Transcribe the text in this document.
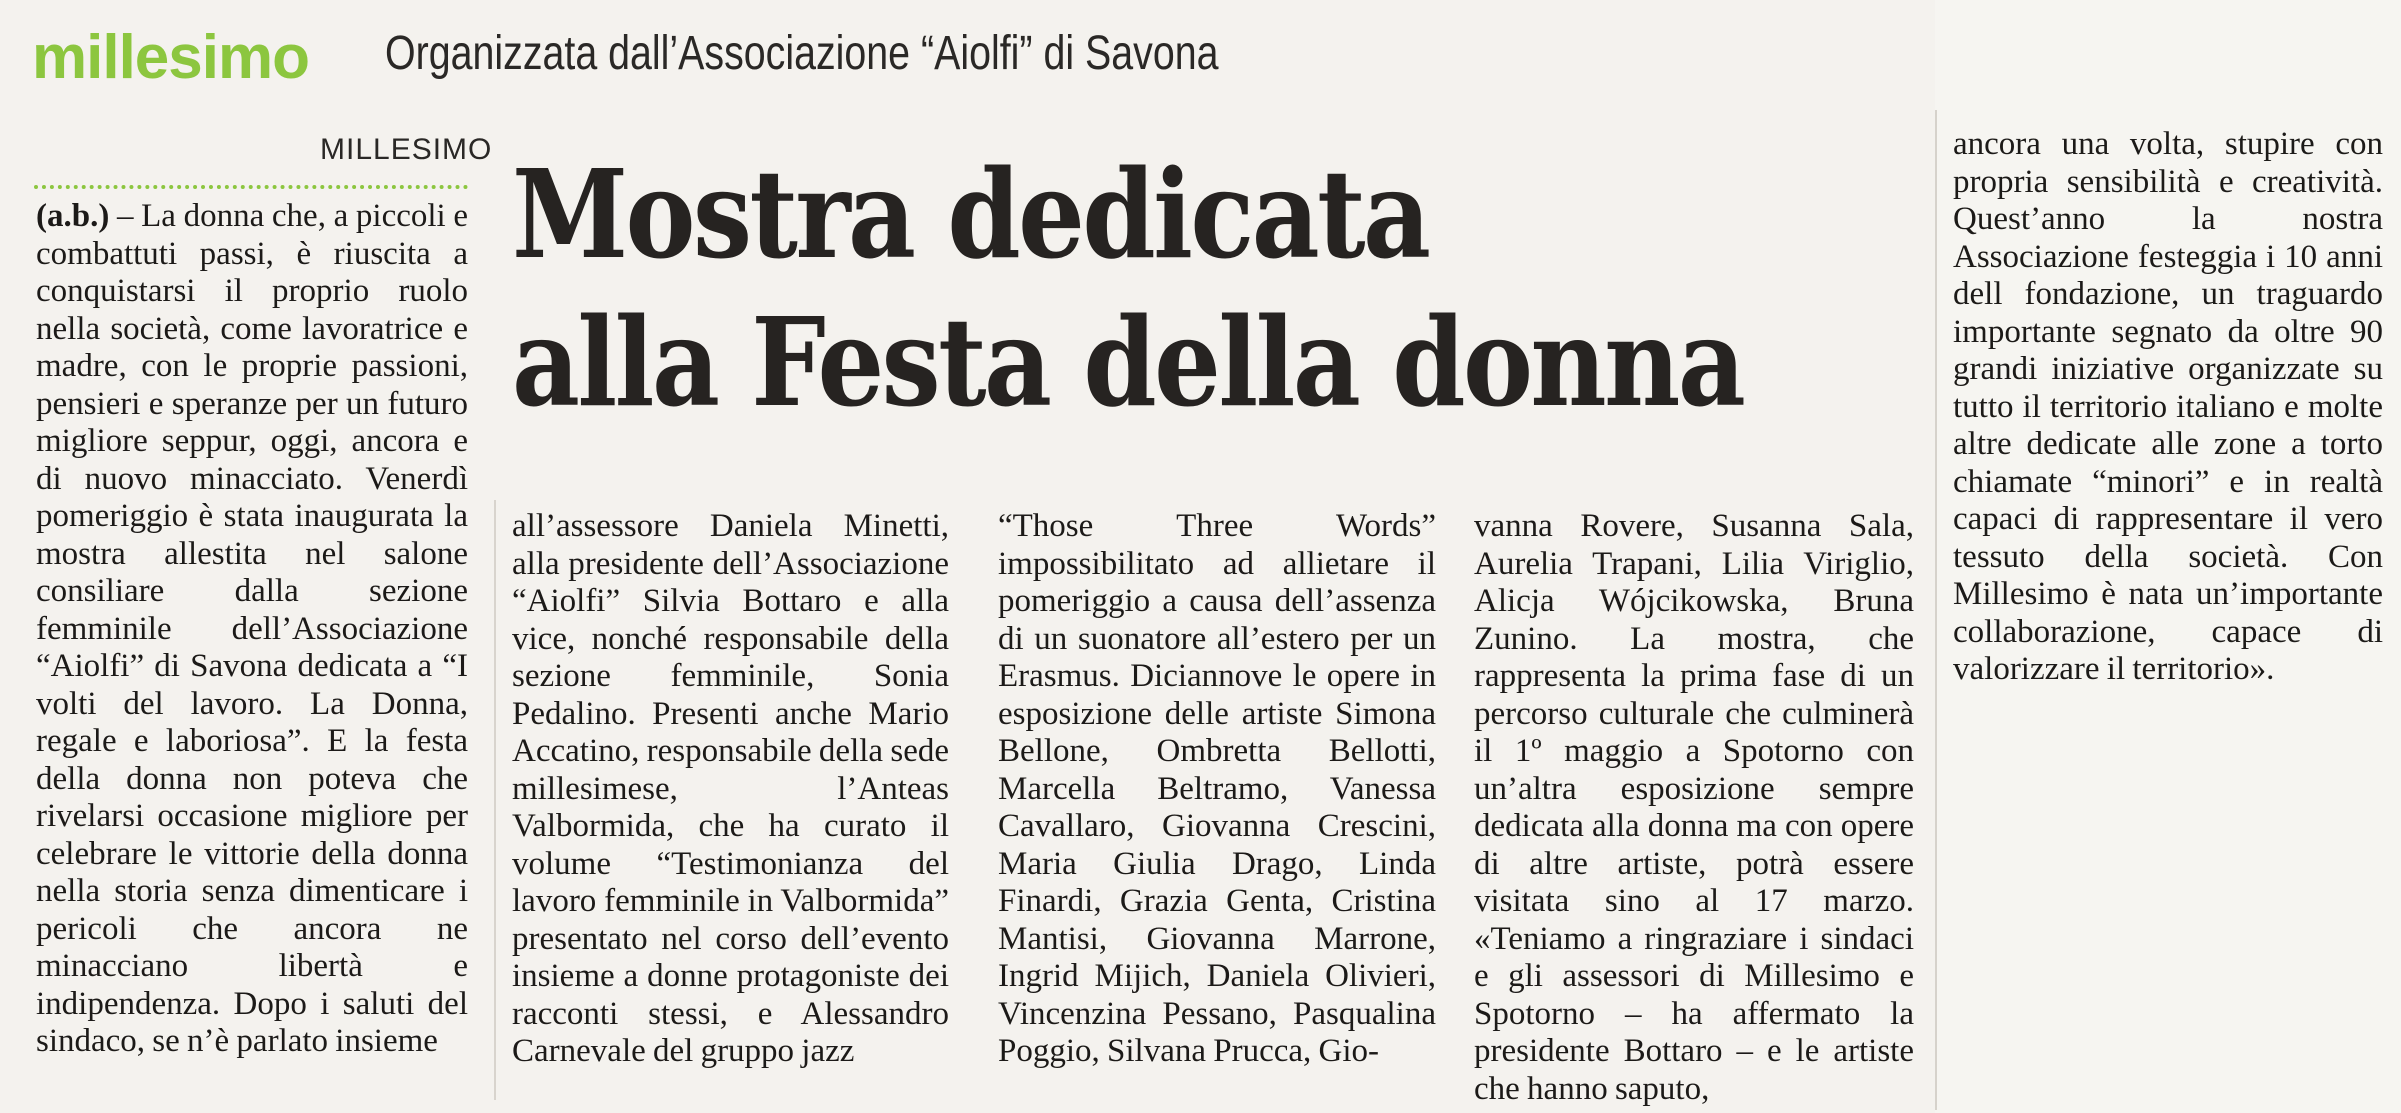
millesimo Organizzata dall’Associazione “Aiolfi” di Savona
MILLESIMO Mostra dedicata
alla Festa della donna

(a.b.) – La donna che, a piccoli e combattuti passi, è riuscita a conquistarsi il proprio ruolo nella società, come lavoratrice e madre, con le proprie passioni, pensieri e speranze per un futuro migliore seppur, oggi, ancora e di nuovo minacciato. Venerdì pomeriggio è stata inaugurata la mostra allestita nel salone consiliare dalla sezione femminile dell’Associazione “Aiolfi” di Savona dedicata a “I volti del lavoro. La Donna, regale e laboriosa”. E la festa della donna non poteva che rivelarsi occasione migliore per celebrare le vittorie della donna nella storia senza dimenticare i pericoli che ancora ne minacciano libertà e indipendenza. Dopo i saluti del sindaco, se n’è parlato insieme

all’assessore Daniela Minetti, alla presidente dell’Associazione “Aiolfi” Silvia Bottaro e alla vice, nonché responsabile della sezione femminile, Sonia Pedalino. Presenti anche Mario Accatino, responsabile della sede millesimese, l’Anteas Valbormida, che ha curato il volume “Testimonianza del lavoro femminile in Valbormida” presentato nel corso dell’evento insieme a donne protagoniste dei racconti stessi, e Alessandro Carnevale del gruppo jazz

“Those Three Words” impossibilitato ad allietare il pomeriggio a causa dell’assenza di un suonatore all’estero per un Erasmus. Diciannove le opere in esposizione delle artiste Simona Bellone, Ombretta Bellotti, Marcella Beltramo, Vanessa Cavallaro, Giovanna Crescini, Maria Giulia Drago, Linda Finardi, Grazia Genta, Cristina Mantisi, Giovanna Marrone, Ingrid Mijich, Daniela Olivieri, Vincenzina Pessano, Pasqualina Poggio, Silvana Prucca, Gio-

vanna Rovere, Susanna Sala, Aurelia Trapani, Lilia Viriglio, Alicja Wójcikowska, Bruna Zunino. La mostra, che rappresenta la prima fase di un percorso culturale che culminerà il 1º maggio a Spotorno con un’altra esposizione sempre dedicata alla donna ma con opere di altre artiste, potrà essere visitata sino al 17 marzo. «Teniamo a ringraziare i sindaci e gli assessori di Millesimo e Spotorno – ha affermato la presidente Bottaro – e le artiste che hanno saputo,

ancora una volta, stupire con propria sensibilità e creatività. Quest’anno la nostra Associazione festeggia i 10 anni dell fondazione, un traguardo importante segnato da oltre 90 grandi iniziative organizzate su tutto il territorio italiano e molte altre dedicate alle zone a torto chiamate “minori” e in realtà capaci di rappresentare il vero tessuto della società. Con Millesimo è nata un’importante collaborazione, capace di valorizzare il territorio».
